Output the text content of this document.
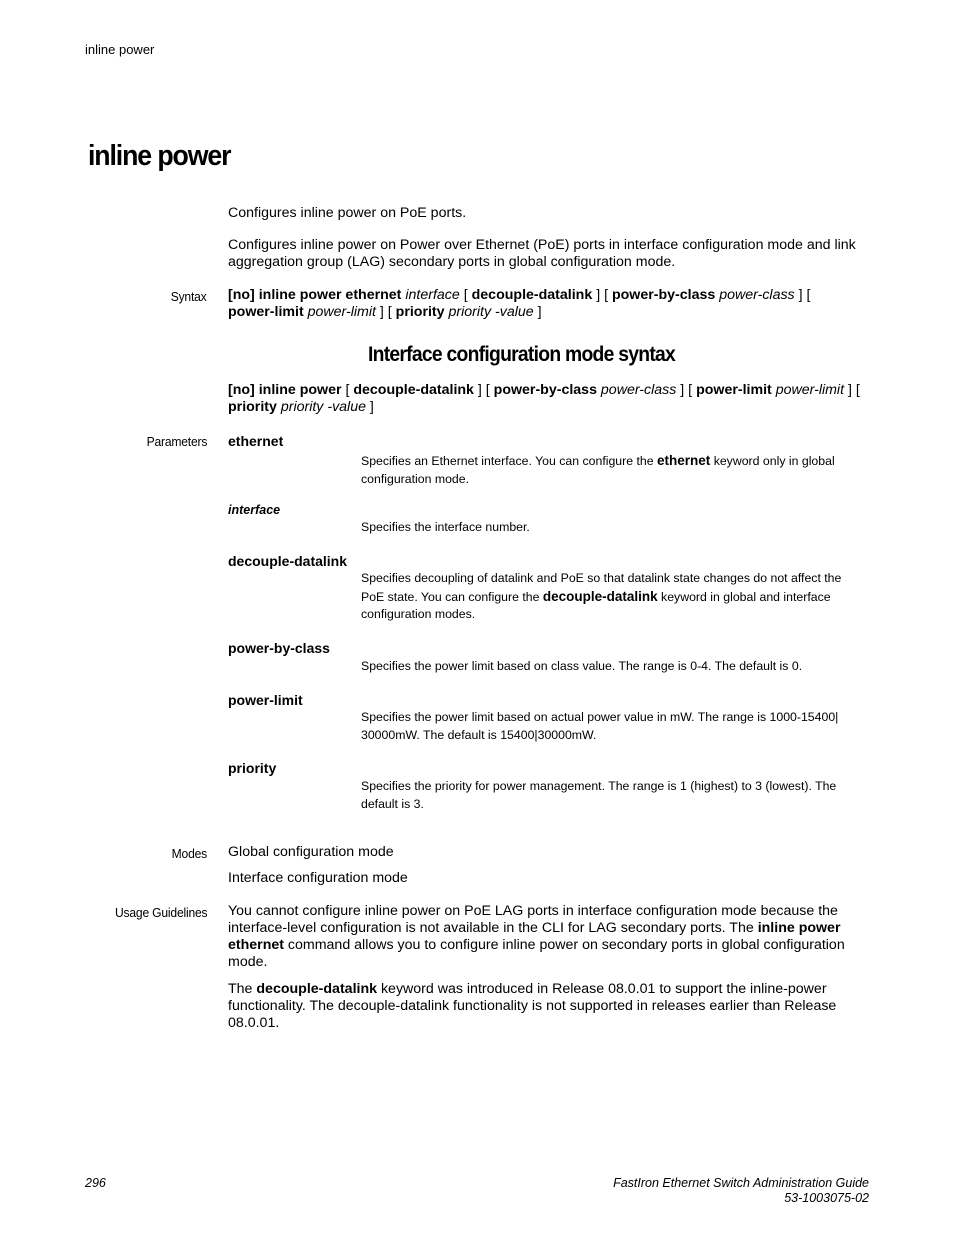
inline power
inline power
Configures inline power on PoE ports.
Configures inline power on Power over Ethernet (PoE) ports in interface configuration mode and link aggregation group (LAG) secondary ports in global configuration mode.
Syntax [no] inline power ethernet interface [ decouple-datalink ] [ power-by-class power-class ] [ power-limit power-limit ] [ priority priority -value ]
Interface configuration mode syntax
[no] inline power [ decouple-datalink ] [ power-by-class power-class ] [ power-limit power-limit ] [ priority priority -value ]
Parameters ethernet
Specifies an Ethernet interface. You can configure the ethernet keyword only in global configuration mode.
interface
Specifies the interface number.
decouple-datalink
Specifies decoupling of datalink and PoE so that datalink state changes do not affect the PoE state. You can configure the decouple-datalink keyword in global and interface configuration modes.
power-by-class
Specifies the power limit based on class value. The range is 0-4. The default is 0.
power-limit
Specifies the power limit based on actual power value in mW. The range is 1000-15400|
30000mW. The default is 15400|30000mW.
priority
Specifies the priority for power management. The range is 1 (highest) to 3 (lowest). The default is 3.
Modes Global configuration mode
Interface configuration mode
Usage Guidelines You cannot configure inline power on PoE LAG ports in interface configuration mode because the interface-level configuration is not available in the CLI for LAG secondary ports. The inline power ethernet command allows you to configure inline power on secondary ports in global configuration mode.
The decouple-datalink keyword was introduced in Release 08.0.01 to support the inline-power functionality. The decouple-datalink functionality is not supported in releases earlier than Release 08.0.01.
296	FastIron Ethernet Switch Administration Guide
53-1003075-02
